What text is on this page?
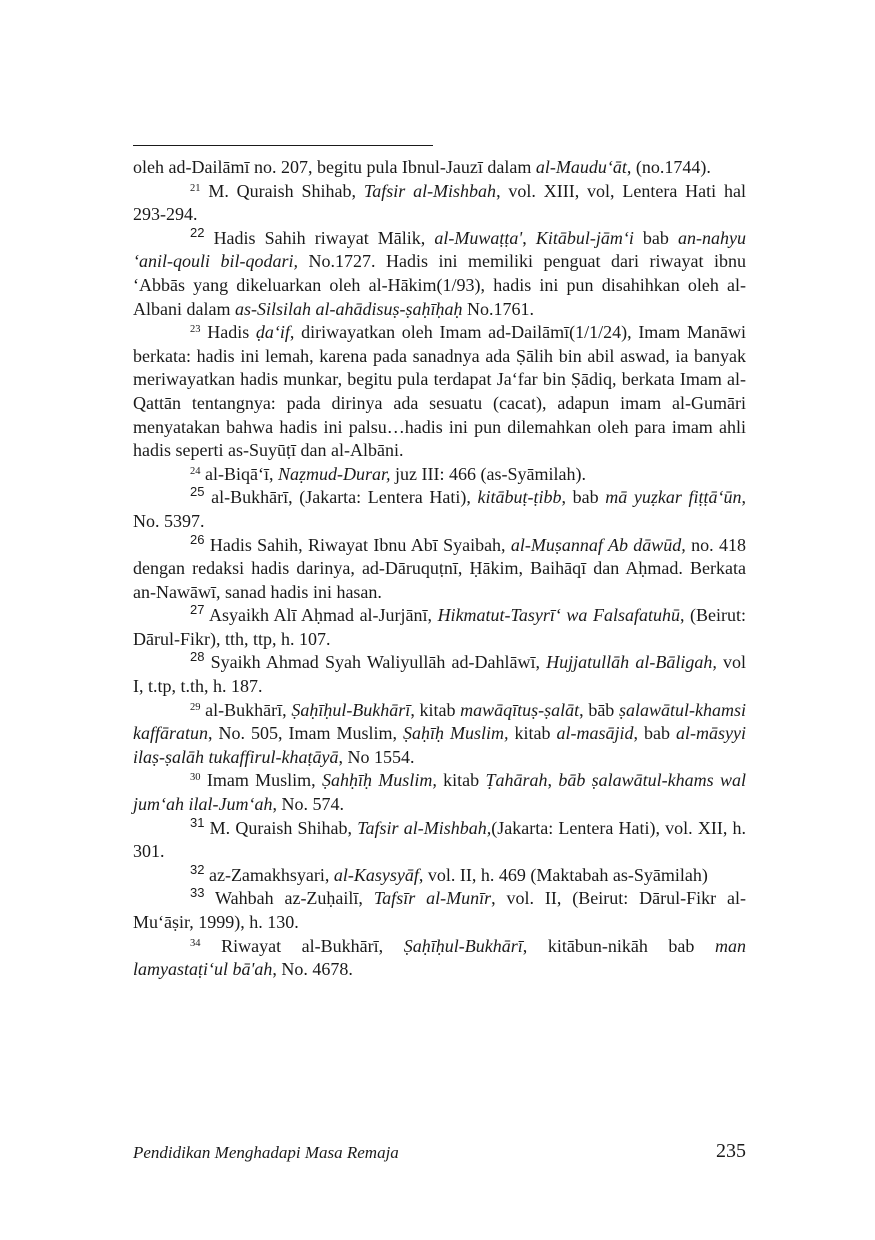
oleh ad-Dailāmī no. 207, begitu pula Ibnul-Jauzī dalam al-Maudu‘āt, (no.1744).

$^{21}$ M. Quraish Shihab, Tafsir al-Mishbah, vol. XIII, vol, Lentera Hati hal 293-294.

$^{22}$ Hadis Sahih riwayat Mālik, al-Muwaṭṭa', Kitābul-jām‘i bab an-nahyu ‘anil-qouli bil-qodari, No.1727. Hadis ini memiliki penguat dari riwayat ibnu ‘Abbās yang dikeluarkan oleh al-Hākim(1/93), hadis ini pun disahihkan oleh al-Albani dalam as-Silsilah al-ahādisuṣ-ṣaḥīḥaḥ No.1761.

$^{23}$ Hadis ḍa‘if, diriwayatkan oleh Imam ad-Dailāmī(1/1/24), Imam Manāwi berkata: hadis ini lemah, karena pada sanadnya ada Ṣālih bin abil aswad, ia banyak meriwayatkan hadis munkar, begitu pula terdapat Ja‘far bin Ṣādiq, berkata Imam al-Qattān tentangnya: pada dirinya ada sesuatu (cacat), adapun imam al-Gumāri menyatakan bahwa hadis ini palsu…hadis ini pun dilemahkan oleh para imam ahli hadis seperti as-Suyūṭī dan al-Albāni.

$^{24}$ al-Biqā‘ī, Naẓmud-Durar, juz III: 466 (as-Syāmilah).

$^{25}$ al-Bukhārī, (Jakarta: Lentera Hati), kitābuṭ-ṭibb, bab mā yuẓkar fiṭṭā‘ūn, No. 5397.

$^{26}$ Hadis Sahih, Riwayat Ibnu Abī Syaibah, al-Muṣannaf Ab dāwūd, no. 418 dengan redaksi hadis darinya, ad-Dāruquṭnī, Ḥākim, Baihāqī dan Aḥmad. Berkata an-Nawāwī, sanad hadis ini hasan.

$^{27}$ Asyaikh Alī Aḥmad al-Jurjānī, Hikmatut-Tasyrī‘ wa Falsafatuhū, (Beirut: Dārul-Fikr), tth, ttp, h. 107.

$^{28}$ Syaikh Ahmad Syah Waliyullāh ad-Dahlāwī, Hujjatullāh al-Bāligah, vol I, t.tp, t.th, h. 187.

$^{29}$ al-Bukhārī, Ṣaḥīḥul-Bukhārī, kitab mawāqītuṣ-ṣalāt, bāb ṣalawātul-khamsi kaffāratun, No. 505, Imam Muslim, Ṣaḥīḥ Muslim, kitab al-masājid, bab al-māsyyi ilaṣ-ṣalāh tukaffirul-khaṭāyā, No 1554.

$^{30}$ Imam Muslim, Ṣahḥīḥ Muslim, kitab Ṭahārah, bāb ṣalawātul-khams wal jum‘ah ilal-Jum‘ah, No. 574.

$^{31}$ M. Quraish Shihab, Tafsir al-Mishbah,(Jakarta: Lentera Hati), vol. XII, h. 301.

$^{32}$ az-Zamakhsyari, al-Kasysyāf, vol. II, h. 469 (Maktabah as-Syāmilah)

$^{33}$ Wahbah az-Zuḥailī, Tafsīr al-Munīr, vol. II, (Beirut: Dārul-Fikr al-Mu‘āṣir, 1999), h. 130.

$^{34}$ Riwayat al-Bukhārī, Ṣaḥīḥul-Bukhārī, kitābun-nikāh bab man lamyastaṭi‘ul bā'ah, No. 4678.

Pendidikan Menghadapi Masa Remaja	235
